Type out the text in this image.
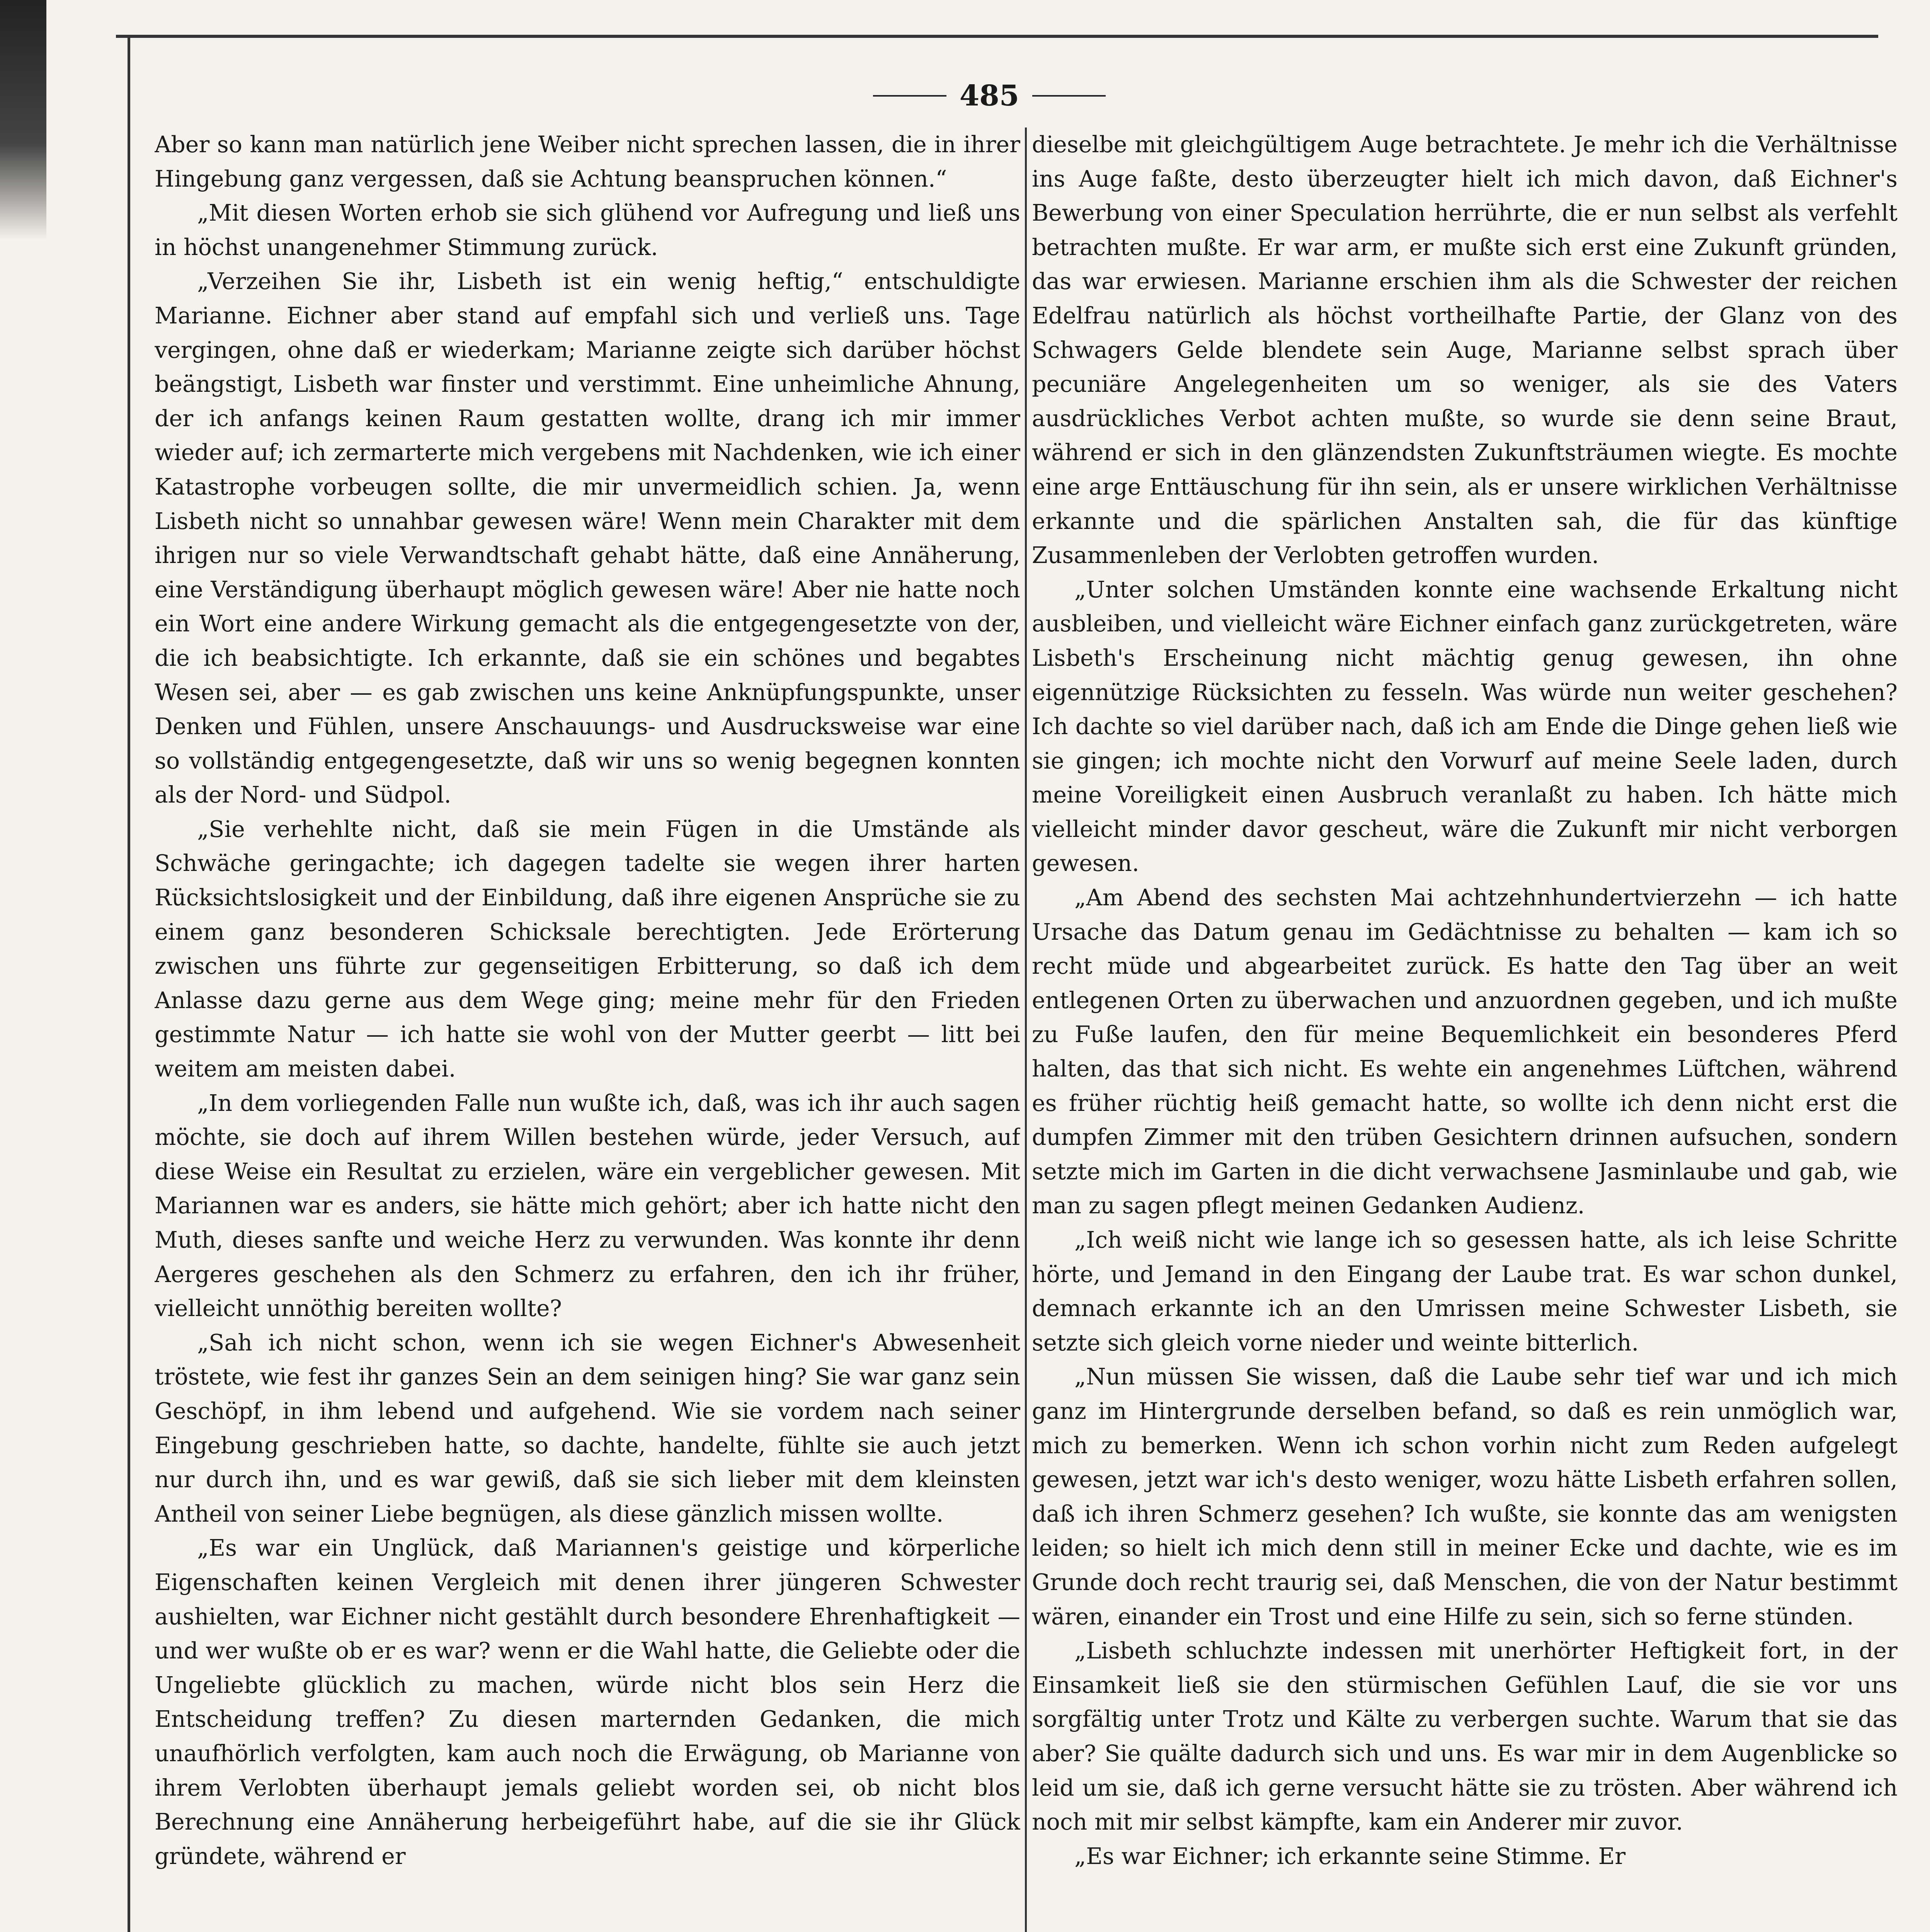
485

Aber so kann man natürlich jene Weiber nicht sprechen lassen, die in ihrer Hingebung ganz vergessen, daß sie Achtung beanspruchen können.“

„Mit diesen Worten erhob sie sich glühend vor Aufregung und ließ uns in höchst unangenehmer Stimmung zurück.

„Verzeihen Sie ihr, Lisbeth ist ein wenig heftig,“ entschuldigte Marianne. Eichner aber stand auf empfahl sich und verließ uns. Tage vergingen, ohne daß er wiederkam; Marianne zeigte sich darüber höchst beängstigt, Lisbeth war finster und verstimmt. Eine unheimliche Ahnung, der ich anfangs keinen Raum gestatten wollte, drang ich mir immer wieder auf; ich zermarterte mich vergebens mit Nachdenken, wie ich einer Katastrophe vorbeugen sollte, die mir unvermeidlich schien. Ja, wenn Lisbeth nicht so unnahbar gewesen wäre! Wenn mein Charakter mit dem ihrigen nur so viele Verwandtschaft gehabt hätte, daß eine Annäherung, eine Verständigung überhaupt möglich gewesen wäre! Aber nie hatte noch ein Wort eine andere Wirkung gemacht als die entgegengesetzte von der, die ich beabsichtigte. Ich erkannte, daß sie ein schönes und begabtes Wesen sei, aber — es gab zwischen uns keine Anknüpfungspunkte, unser Denken und Fühlen, unsere Anschauungs- und Ausdrucksweise war eine so vollständig entgegengesetzte, daß wir uns so wenig begegnen konnten als der Nord- und Südpol.

„Sie verhehlte nicht, daß sie mein Fügen in die Umstände als Schwäche geringachte; ich dagegen tadelte sie wegen ihrer harten Rücksichtslosigkeit und der Einbildung, daß ihre eigenen Ansprüche sie zu einem ganz besonderen Schicksale berechtigten. Jede Erörterung zwischen uns führte zur gegenseitigen Erbitterung, so daß ich dem Anlasse dazu gerne aus dem Wege ging; meine mehr für den Frieden gestimmte Natur — ich hatte sie wohl von der Mutter geerbt — litt bei weitem am meisten dabei.

„In dem vorliegenden Falle nun wußte ich, daß, was ich ihr auch sagen möchte, sie doch auf ihrem Willen bestehen würde, jeder Versuch, auf diese Weise ein Resultat zu erzielen, wäre ein vergeblicher gewesen. Mit Mariannen war es anders, sie hätte mich gehört; aber ich hatte nicht den Muth, dieses sanfte und weiche Herz zu verwunden. Was konnte ihr denn Aergeres geschehen als den Schmerz zu erfahren, den ich ihr früher, vielleicht unnöthig bereiten wollte?

„Sah ich nicht schon, wenn ich sie wegen Eichner's Abwesenheit tröstete, wie fest ihr ganzes Sein an dem seinigen hing? Sie war ganz sein Geschöpf, in ihm lebend und aufgehend. Wie sie vordem nach seiner Eingebung geschrieben hatte, so dachte, handelte, fühlte sie auch jetzt nur durch ihn, und es war gewiß, daß sie sich lieber mit dem kleinsten Antheil von seiner Liebe begnügen, als diese gänzlich missen wollte.

„Es war ein Unglück, daß Mariannen's geistige und körperliche Eigenschaften keinen Vergleich mit denen ihrer jüngeren Schwester aushielten, war Eichner nicht gestählt durch besondere Ehrenhaftigkeit — und wer wußte ob er es war? wenn er die Wahl hatte, die Geliebte oder die Ungeliebte glücklich zu machen, würde nicht blos sein Herz die Entscheidung treffen? Zu diesen marternden Gedanken, die mich unaufhörlich verfolgten, kam auch noch die Erwägung, ob Marianne von ihrem Verlobten überhaupt jemals geliebt worden sei, ob nicht blos Berechnung eine Annäherung herbeigeführt habe, auf die sie ihr Glück gründete, während er

dieselbe mit gleichgültigem Auge betrachtete. Je mehr ich die Verhältnisse ins Auge faßte, desto überzeugter hielt ich mich davon, daß Eichner's Bewerbung von einer Speculation herrührte, die er nun selbst als verfehlt betrachten mußte. Er war arm, er mußte sich erst eine Zukunft gründen, das war erwiesen. Marianne erschien ihm als die Schwester der reichen Edelfrau natürlich als höchst vortheilhafte Partie, der Glanz von des Schwagers Gelde blendete sein Auge, Marianne selbst sprach über pecuniäre Angelegenheiten um so weniger, als sie des Vaters ausdrückliches Verbot achten mußte, so wurde sie denn seine Braut, während er sich in den glänzendsten Zukunftsträumen wiegte. Es mochte eine arge Enttäuschung für ihn sein, als er unsere wirklichen Verhältnisse erkannte und die spärlichen Anstalten sah, die für das künftige Zusammenleben der Verlobten getroffen wurden.

„Unter solchen Umständen konnte eine wachsende Erkaltung nicht ausbleiben, und vielleicht wäre Eichner einfach ganz zurückgetreten, wäre Lisbeth's Erscheinung nicht mächtig genug gewesen, ihn ohne eigennützige Rücksichten zu fesseln. Was würde nun weiter geschehen? Ich dachte so viel darüber nach, daß ich am Ende die Dinge gehen ließ wie sie gingen; ich mochte nicht den Vorwurf auf meine Seele laden, durch meine Voreiligkeit einen Ausbruch veranlaßt zu haben. Ich hätte mich vielleicht minder davor gescheut, wäre die Zukunft mir nicht verborgen gewesen.

„Am Abend des sechsten Mai achtzehnhundertvierzehn — ich hatte Ursache das Datum genau im Gedächtnisse zu behalten — kam ich so recht müde und abgearbeitet zurück. Es hatte den Tag über an weit entlegenen Orten zu überwachen und anzuordnen gegeben, und ich mußte zu Fuße laufen, den für meine Bequemlichkeit ein besonderes Pferd halten, das that sich nicht. Es wehte ein angenehmes Lüftchen, während es früher rüchtig heiß gemacht hatte, so wollte ich denn nicht erst die dumpfen Zimmer mit den trüben Gesichtern drinnen aufsuchen, sondern setzte mich im Garten in die dicht verwachsene Jasminlaube und gab, wie man zu sagen pflegt meinen Gedanken Audienz.

„Ich weiß nicht wie lange ich so gesessen hatte, als ich leise Schritte hörte, und Jemand in den Eingang der Laube trat. Es war schon dunkel, demnach erkannte ich an den Umrissen meine Schwester Lisbeth, sie setzte sich gleich vorne nieder und weinte bitterlich.

„Nun müssen Sie wissen, daß die Laube sehr tief war und ich mich ganz im Hintergrunde derselben befand, so daß es rein unmöglich war, mich zu bemerken. Wenn ich schon vorhin nicht zum Reden aufgelegt gewesen, jetzt war ich's desto weniger, wozu hätte Lisbeth erfahren sollen, daß ich ihren Schmerz gesehen? Ich wußte, sie konnte das am wenigsten leiden; so hielt ich mich denn still in meiner Ecke und dachte, wie es im Grunde doch recht traurig sei, daß Menschen, die von der Natur bestimmt wären, einander ein Trost und eine Hilfe zu sein, sich so ferne stünden.

„Lisbeth schluchzte indessen mit unerhörter Heftigkeit fort, in der Einsamkeit ließ sie den stürmischen Gefühlen Lauf, die sie vor uns sorgfältig unter Trotz und Kälte zu verbergen suchte. Warum that sie das aber? Sie quälte dadurch sich und uns. Es war mir in dem Augenblicke so leid um sie, daß ich gerne versucht hätte sie zu trösten. Aber während ich noch mit mir selbst kämpfte, kam ein Anderer mir zuvor.

„Es war Eichner; ich erkannte seine Stimme. Er
